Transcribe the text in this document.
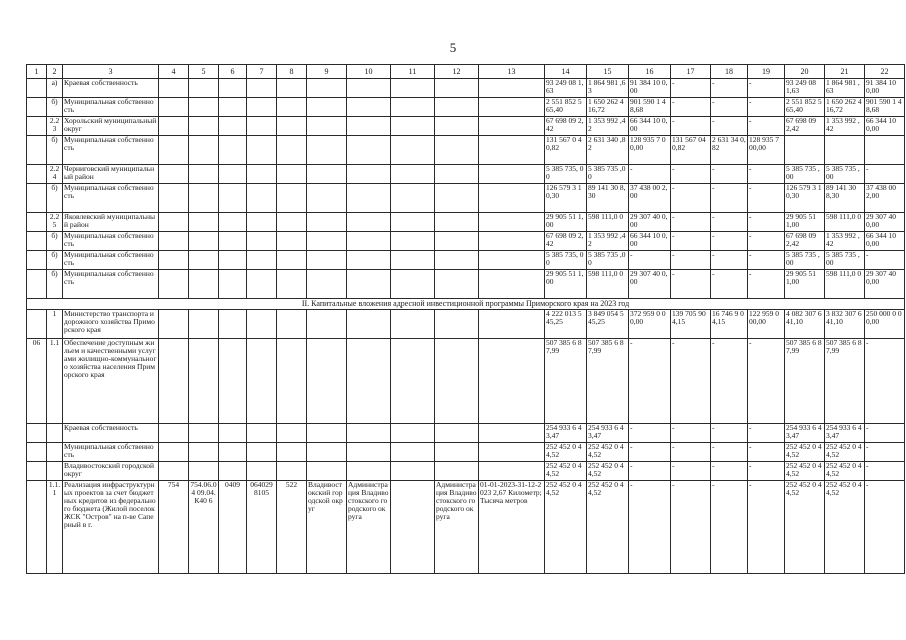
5
1	2	3	4	5	6	7	8	9	10	11	12	13	14	15	16	17	18	19	20	21	22
	а)	Краевая собственность											93 249 08 1,63	1 864 981 ,63	91 384 10 0,00	-	-	-	93 249 08 1,63	1 864 981 ,63	91 384 10 0,00
	б)	Муниципальная собственность											2 551 852 565,40	1 650 262 416,72	901 590 1 48,68	-	-	-	2 551 852 565,40	1 650 262 416,72	901 590 1 48,68
	2.23	Хорольский муниципальный округ											67 698 09 2,42	1 353 992 ,42	66 344 10 0,00	-	-	-	67 698 09 2,42	1 353 992 ,42	66 344 10 0,00
	б)	Муниципальная собственность											131 567 0 40,82	2 631 340 ,82	128 935 7 00,00	131 567 040,82	2 631 34 0,82	128 935 7 00,00			
	2.24	Черниговский муниципальный район											5 385 735, 00	5 385 735 ,00	-	-	-	-	5 385 735 ,00	5 385 735 ,00	-
	б)	Муниципальная собственность											126 579 3 10,30	89 141 30 8,30	37 438 00 2,00	-	-	-	126 579 3 10,30	89 141 30 8,30	37 438 00 2,00
	2.25	Яковлевский муниципальный район											29 905 51 1,00	598 111,0 0	29 307 40 0,00	-	-	-	29 905 51 1,00	598 111,0 0	29 307 40 0,00
	б)	Муниципальная собственность											67 698 09 2,42	1 353 992 ,42	66 344 10 0,00	-	-	-	67 698 09 2,42	1 353 992 ,42	66 344 10 0,00
	б)	Муниципальная собственность											5 385 735, 00	5 385 735 ,00	-	-	-	-	5 385 735 ,00	5 385 735 ,00	-
	б)	Муниципальная собственность											29 905 51 1,00	598 111,0 0	29 307 40 0,00	-	-	-	29 905 51 1,00	598 111,0 0	29 307 40 0,00
II. Капитальные вложения адресной инвестиционной программы Приморского края на 2023 год																					
	1	Министерство транспорта и дорожного хозяйства Приморского края											4 222 013 545,25	3 849 054 545,25	372 959 0 00,00	139 705 904,15	16 746 9 04,15	122 959 0 00,00	4 082 307 641,10	3 832 307 641,10	250 000 0 00,00
06	1.1	Обеспечение доступным жильем и качественными услугами жилищно-коммунального хозяйства населения Приморского края											507 385 6 87,99	507 385 6 87,99	-	-	-	-	507 385 6 87,99	507 385 6 87,99	-
		Краевая собственность											254 933 6 43,47	254 933 6 43,47	-	-	-	-	254 933 6 43,47	254 933 6 43,47	-
		Муниципальная собственность											252 452 0 44,52	252 452 0 44,52	-	-	-	-	252 452 0 44,52	252 452 0 44,52	-
		Владивостокский городской округ											252 452 0 44,52	252 452 0 44,52	-	-	-	-	252 452 0 44,52	252 452 0 44,52	-
	1.1.1	Реализация инфраструктурных проектов за счет бюджетных кредитов из федерального бюджета (Жилой поселок ЖСК "Остров" на п-ве Саперный в г.	754	754.06.04 09.04.К40 6	0409	064029 8105	522	Владивостокский городской округ	Администрация Владивостокского городского округа		Администрация Владивостокского городского округа	01-01-2023-31-12-2023 2,67 Километр; Тысяча метров	252 452 0 44,52	252 452 0 44,52	-	-	-	-	252 452 0 44,52	252 452 0 44,52	-
